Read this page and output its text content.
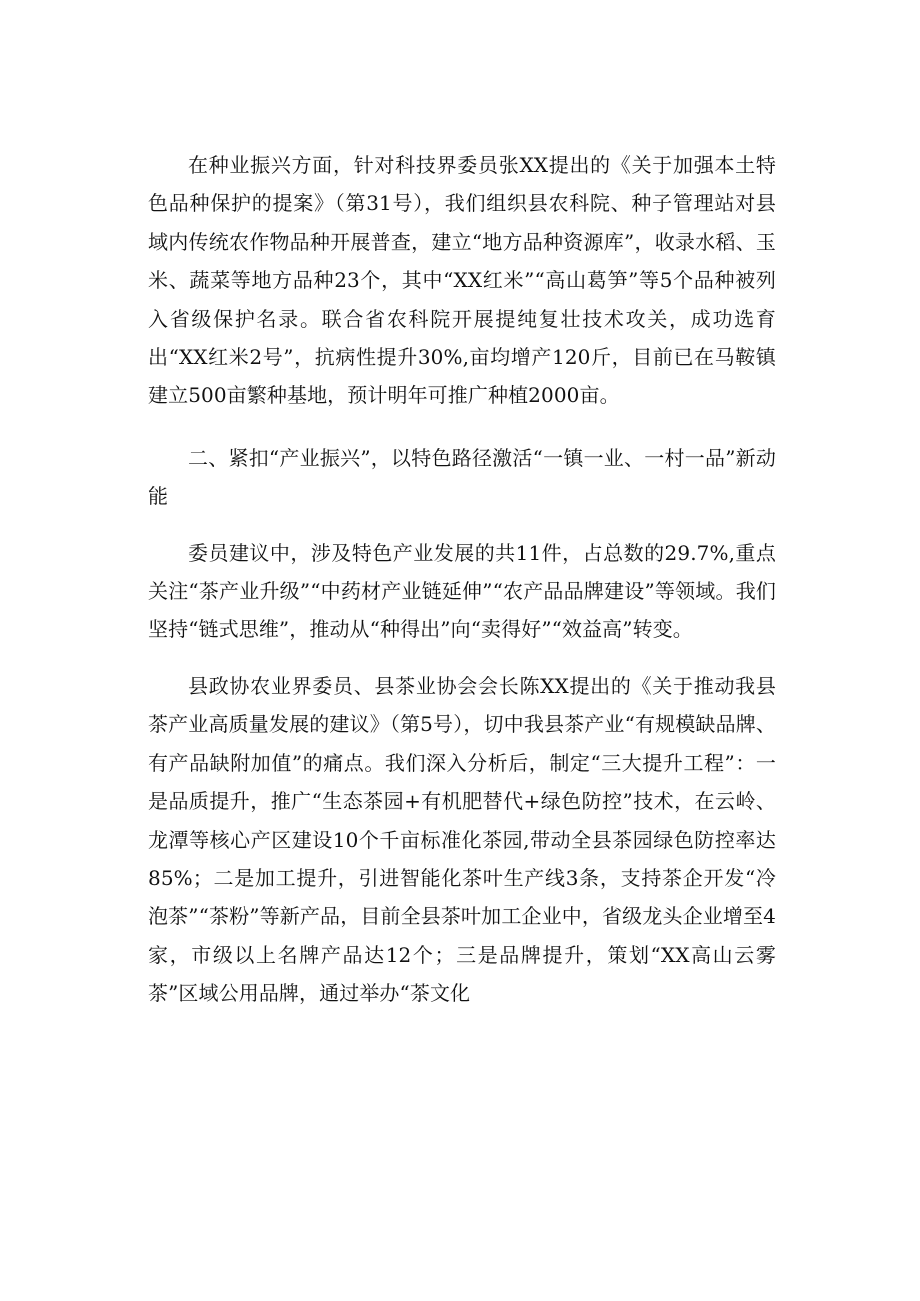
在种业振兴方面，针对科技界委员张XX提出的《关于加强本土特色品种保护的提案》（第31号），我们组织县农科院、种子管理站对县域内传统农作物品种开展普查，建立“地方品种资源库”，收录水稻、玉米、蔬菜等地方品种23个，其中“XX红米”“高山葛笋”等5个品种被列入省级保护名录。联合省农科院开展提纯复壮技术攻关，成功选育出“XX红米2号”，抗病性提升30%,亩均增产120斤，目前已在马鞍镇建立500亩繁种基地，预计明年可推广种植2000亩。

二、紧扣“产业振兴”，以特色路径激活“一镇一业、一村一品”新动能

委员建议中，涉及特色产业发展的共11件，占总数的29.7%,重点关注“茶产业升级”“中药材产业链延伸”“农产品品牌建设”等领域。我们坚持“链式思维”，推动从“种得出”向“卖得好”“效益高”转变。

县政协农业界委员、县茶业协会会长陈XX提出的《关于推动我县茶产业高质量发展的建议》（第5号），切中我县茶产业“有规模缺品牌、有产品缺附加值”的痛点。我们深入分析后，制定“三大提升工程”：一是品质提升，推广“生态茶园+有机肥替代+绿色防控”技术，在云岭、龙潭等核心产区建设10个千亩标准化茶园,带动全县茶园绿色防控率达85%；二是加工提升，引进智能化茶叶生产线3条，支持茶企开发“冷泡茶”“茶粉”等新产品，目前全县茶叶加工企业中，省级龙头企业增至4家，市级以上名牌产品达12个；三是品牌提升，策划“XX高山云雾茶”区域公用品牌，通过举办“茶文化
